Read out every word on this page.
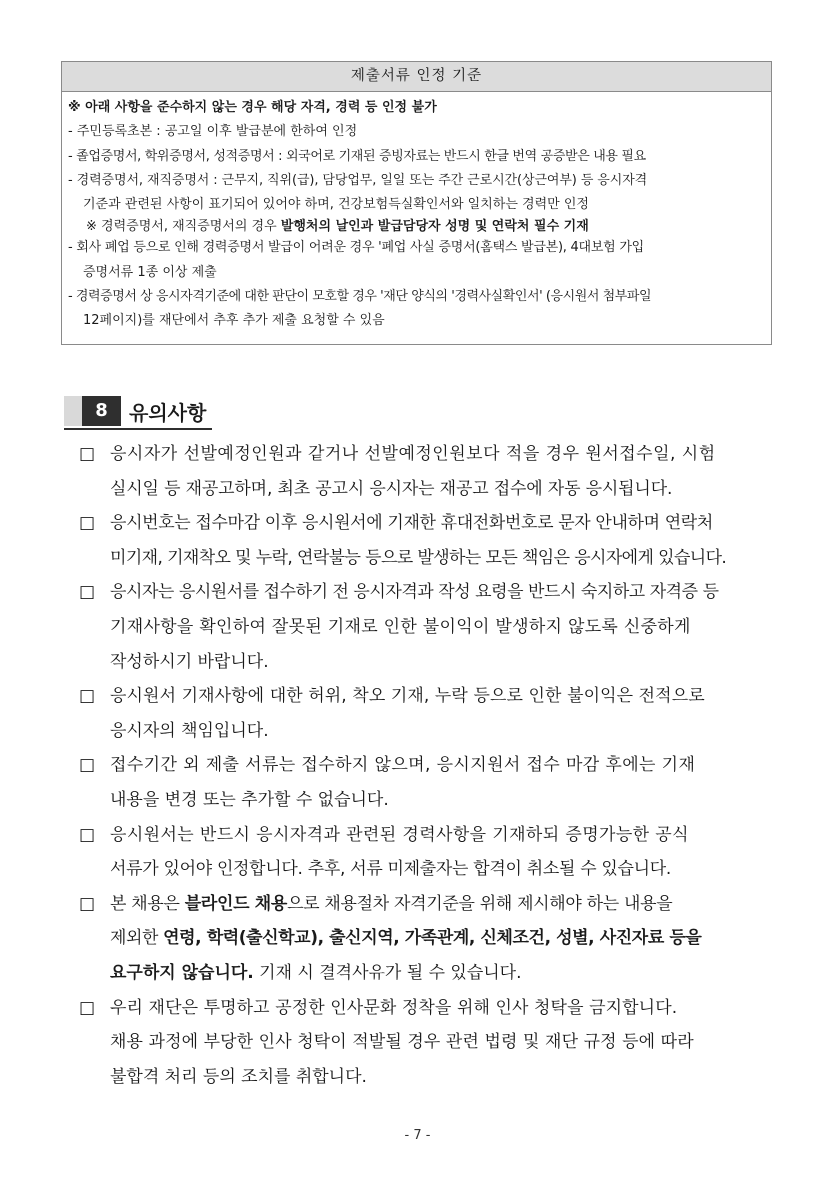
제출서류 인정 기준
※ 아래 사항을 준수하지 않는 경우 해당 자격, 경력 등 인정 불가
- 주민등록초본 : 공고일 이후 발급분에 한하여 인정
- 졸업증명서, 학위증명서, 성적증명서 : 외국어로 기재된 증빙자료는 반드시 한글 번역 공증받은 내용 필요
- 경력증명서, 재직증명서 : 근무지, 직위(급), 담당업무, 일일 또는 주간 근로시간(상근여부) 등 응시자격
기준과 관련된 사항이 표기되어 있어야 하며, 건강보험득실확인서와 일치하는 경력만 인정
※ 경력증명서, 재직증명서의 경우 발행처의 날인과 발급담당자 성명 및 연락처 필수 기재
- 회사 폐업 등으로 인해 경력증명서 발급이 어려운 경우 '폐업 사실 증명서(홈택스 발급본), 4대보험 가입
증명서류 1종 이상 제출
- 경력증명서 상 응시자격기준에 대한 판단이 모호할 경우 '재단 양식의 '경력사실확인서' (응시원서 첨부파일
12페이지)를 재단에서 추후 추가 제출 요청할 수 있음
8	유의사항
□ 응시자가 선발예정인원과 같거나 선발예정인원보다 적을 경우 원서접수일, 시험
실시일 등 재공고하며, 최초 공고시 응시자는 재공고 접수에 자동 응시됩니다.
□ 응시번호는 접수마감 이후 응시원서에 기재한 휴대전화번호로 문자 안내하며 연락처
미기재, 기재착오 및 누락, 연락불능 등으로 발생하는 모든 책임은 응시자에게 있습니다.
□ 응시자는 응시원서를 접수하기 전 응시자격과 작성 요령을 반드시 숙지하고 자격증 등
기재사항을 확인하여 잘못된 기재로 인한 불이익이 발생하지 않도록 신중하게
작성하시기 바랍니다.
□ 응시원서 기재사항에 대한 허위, 착오 기재, 누락 등으로 인한 불이익은 전적으로
응시자의 책임입니다.
□ 접수기간 외 제출 서류는 접수하지 않으며, 응시지원서 접수 마감 후에는 기재
내용을 변경 또는 추가할 수 없습니다.
□ 응시원서는 반드시 응시자격과 관련된 경력사항을 기재하되 증명가능한 공식
서류가 있어야 인정합니다. 추후, 서류 미제출자는 합격이 취소될 수 있습니다.
□ 본 채용은 블라인드 채용으로 채용절차 자격기준을 위해 제시해야 하는 내용을
제외한 연령, 학력(출신학교), 출신지역, 가족관계, 신체조건, 성별, 사진자료 등을
요구하지 않습니다. 기재 시 결격사유가 될 수 있습니다.
□ 우리 재단은 투명하고 공정한 인사문화 정착을 위해 인사 청탁을 금지합니다.
채용 과정에 부당한 인사 청탁이 적발될 경우 관련 법령 및 재단 규정 등에 따라
불합격 처리 등의 조치를 취합니다.
- 7 -
